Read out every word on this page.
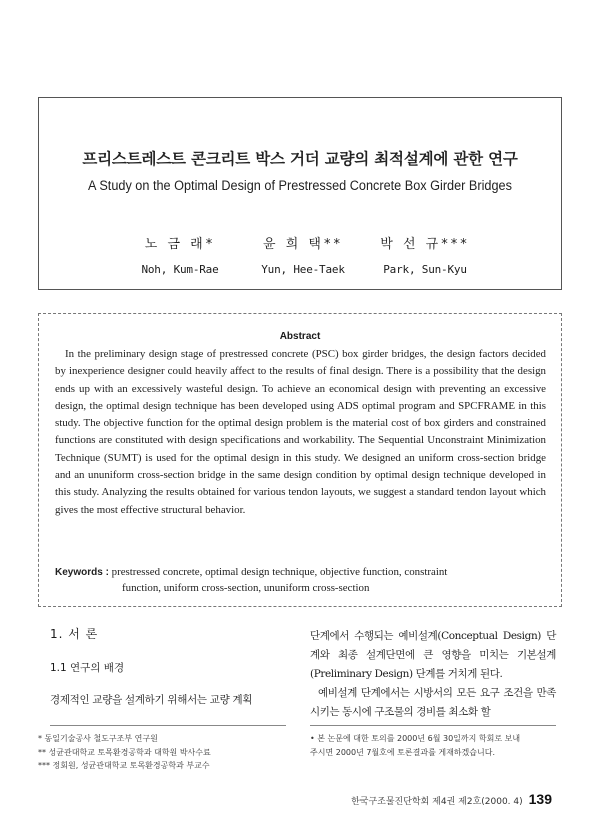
프리스트레스트 콘크리트 박스 거더 교량의 최적설계에 관한 연구
A Study on the Optimal Design of Prestressed Concrete Box Girder Bridges
노 금 래*
Noh, Kum-Rae
윤 희 택**
Yun, Hee-Taek
박 선 규***
Park, Sun-Kyu
Abstract
In the preliminary design stage of prestressed concrete (PSC) box girder bridges, the design factors decided by inexperience designer could heavily affect to the results of final design. There is a possibility that the design ends up with an excessively wasteful design. To achieve an economical design with preventing an excessive design, the optimal design technique has been developed using ADS optimal program and SPCFRAME in this study. The objective function for the optimal design problem is the material cost of box girders and constrained functions are constituted with design specifications and workability. The Sequential Unconstraint Minimization Technique (SUMT) is used for the optimal design in this study. We designed an uniform cross-section bridge and an ununiform cross-section bridge in the same design condition by optimal design technique developed in this study. Analyzing the results obtained for various tendon layouts, we suggest a standard tendon layout which gives the most effective structural behavior.
Keywords : prestressed concrete, optimal design technique, objective function, constraint
function, uniform cross-section, ununiform cross-section
1. 서 론
1.1 연구의 배경
경제적인 교량을 설계하기 위해서는 교량 계획

단계에서 수행되는 예비설계(Conceptual Design) 단계와 최종 설계단면에 큰 영향을 미치는 기본설계(Preliminary Design) 단계를 거치게 된다.

예비설계 단계에서는 시방서의 모든 요구 조건을 만족시키는 동시에 구조물의 경비를 최소화 할

* 동일기술공사 철도구조부 연구원
** 성균관대학교 토목환경공학과 대학원 박사수료
*** 정회원, 성균관대학교 토목환경공학과 부교수
• 본 논문에 대한 토의를 2000년 6월 30일까지 학회로 보내
주시면 2000년 7월호에 토론결과를 게재하겠습니다.
한국구조물진단학회 제4권 제2호(2000. 4) 139
